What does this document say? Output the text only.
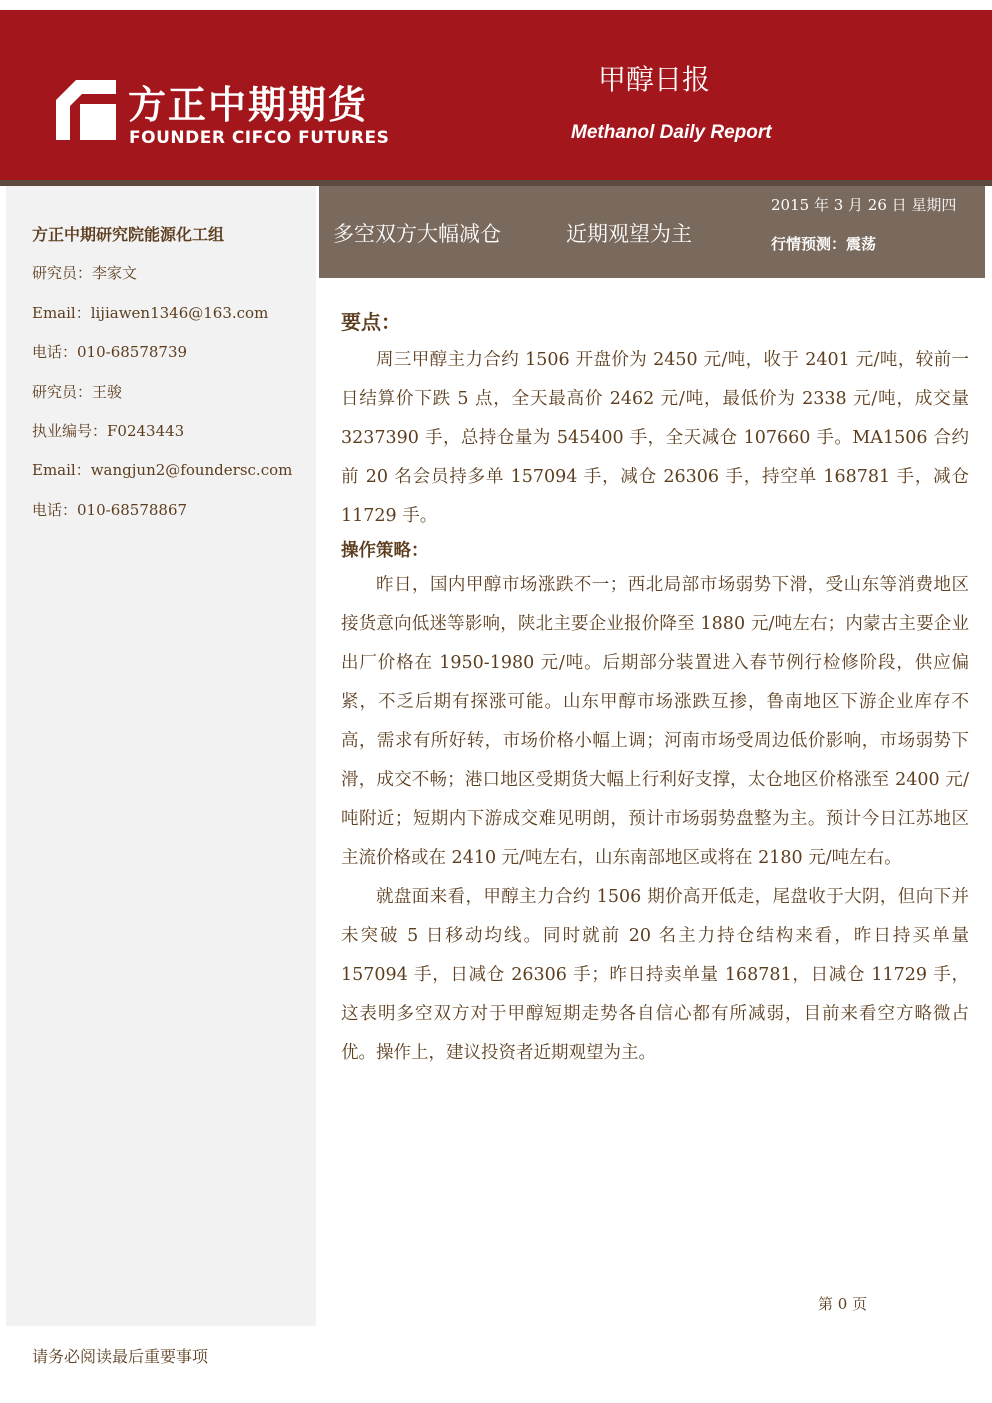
方正中期期货
FOUNDER CIFCO FUTURES
甲醇日报
Methanol Daily Report
方正中期研究院能源化工组
研究员：李家文
Email：lijiawen1346@163.com
电话：010-68578739
研究员：王骏
执业编号：F0243443
Email：wangjun2@foundersc.com
电话：010-68578867
多空双方大幅减仓	近期观望为主
2015 年 3 月 26 日 星期四
行情预测：震荡
要点：

周三甲醇主力合约 1506 开盘价为 2450 元/吨，收于 2401 元/吨，较前一日结算价下跌 5 点，全天最高价 2462 元/吨，最低价为 2338 元/吨，成交量 3237390 手，总持仓量为 545400 手，全天减仓 107660 手。MA1506 合约前 20 名会员持多单 157094 手，减仓 26306 手，持空单 168781 手，减仓 11729 手。

操作策略：

昨日，国内甲醇市场涨跌不一；西北局部市场弱势下滑，受山东等消费地区接货意向低迷等影响，陕北主要企业报价降至 1880 元/吨左右；内蒙古主要企业出厂价格在 1950-1980 元/吨。后期部分装置进入春节例行检修阶段，供应偏紧，不乏后期有探涨可能。山东甲醇市场涨跌互掺，鲁南地区下游企业库存不高，需求有所好转，市场价格小幅上调；河南市场受周边低价影响，市场弱势下滑，成交不畅；港口地区受期货大幅上行利好支撑，太仓地区价格涨至 2400 元/吨附近；短期内下游成交难见明朗，预计市场弱势盘整为主。预计今日江苏地区主流价格或在 2410 元/吨左右，山东南部地区或将在 2180 元/吨左右。

就盘面来看，甲醇主力合约 1506 期价高开低走，尾盘收于大阴，但向下并未突破 5 日移动均线。同时就前 20 名主力持仓结构来看，昨日持买单量 157094 手，日减仓 26306 手；昨日持卖单量 168781，日减仓 11729 手，这表明多空双方对于甲醇短期走势各自信心都有所减弱，目前来看空方略微占优。操作上，建议投资者近期观望为主。

第 0 页
请务必阅读最后重要事项
